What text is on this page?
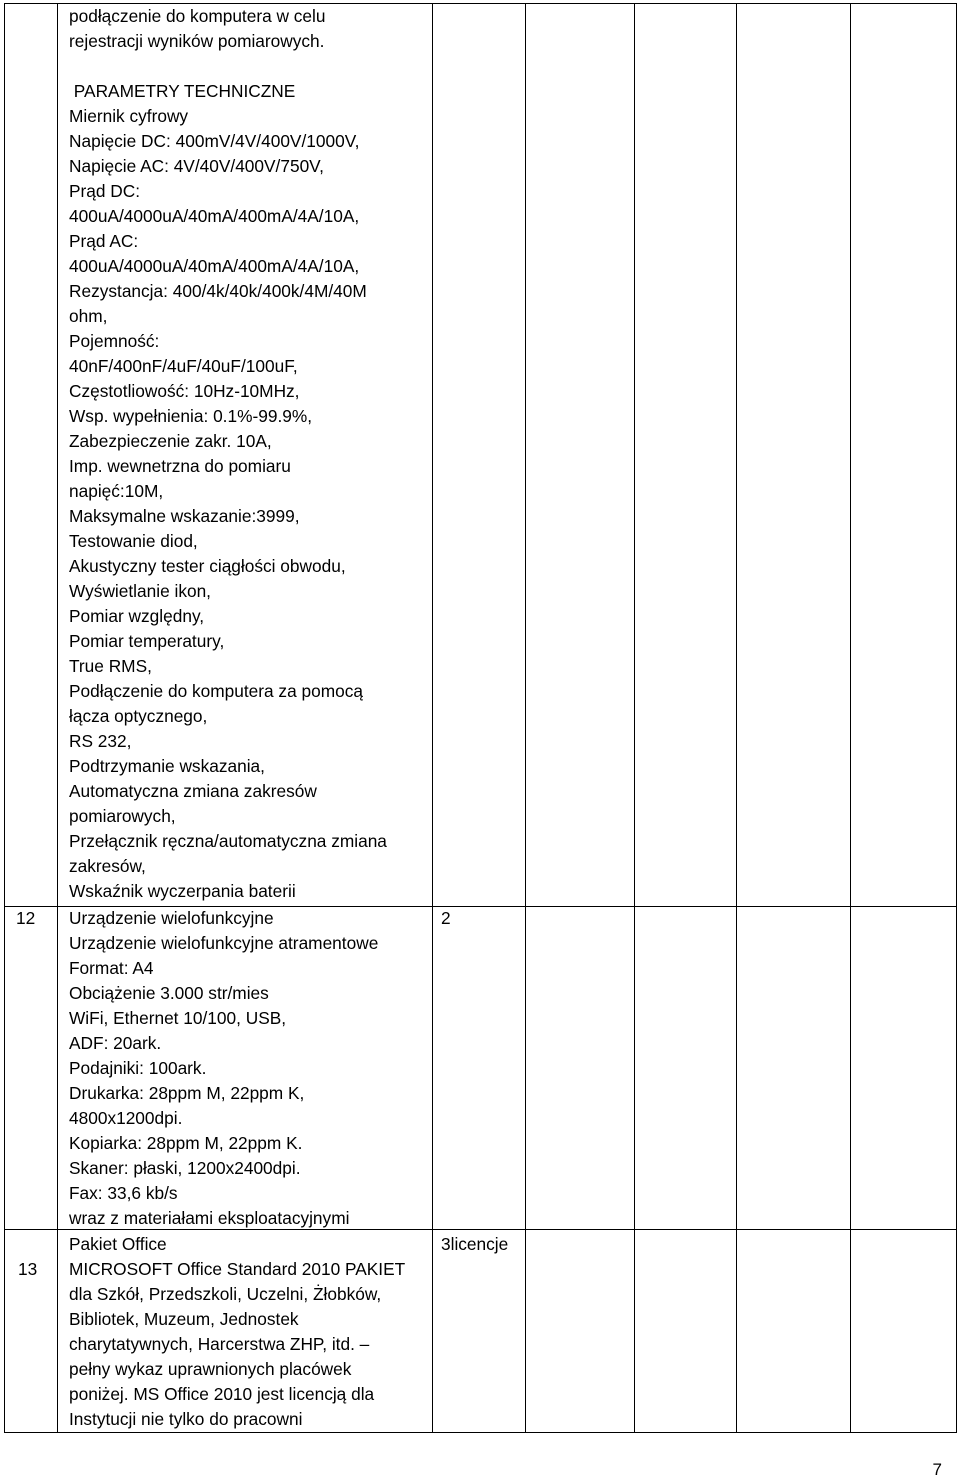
podłączenie do komputera w celu
rejestracji wyników pomiarowych.

PARAMETRY TECHNICZNE
Miernik cyfrowy
Napięcie DC: 400mV/4V/400V/1000V,
Napięcie AC: 4V/40V/400V/750V,
Prąd DC:
400uA/4000uA/40mA/400mA/4A/10A,
Prąd AC:
400uA/4000uA/40mA/400mA/4A/10A,
Rezystancja: 400/4k/40k/400k/4M/40M
ohm,
Pojemność:
40nF/400nF/4uF/40uF/100uF,
Częstotliowość: 10Hz-10MHz,
Wsp. wypełnienia: 0.1%-99.9%,
Zabezpieczenie zakr. 10A,
Imp. wewnetrzna do pomiaru
napięć:10M,
Maksymalne wskazanie:3999,
Testowanie diod,
Akustyczny tester ciągłości obwodu,
Wyświetlanie ikon,
Pomiar względny,
Pomiar temperatury,
True RMS,
Podłączenie do komputera za pomocą
łącza optycznego,
RS 232,
Podtrzymanie wskazania,
Automatyczna zmiana zakresów
pomiarowych,
Przełącznik ręczna/automatyczna zmiana
zakresów,
Wskaźnik wyczerpania baterii
12 Urządzenie wielofunkcyjne
Urządzenie wielofunkcyjne atramentowe
Format: A4
Obciążenie 3.000 str/mies
WiFi, Ethernet 10/100, USB,
ADF: 20ark.
Podajniki: 100ark.
Drukarka: 28ppm M, 22ppm K,
4800x1200dpi.
Kopiarka: 28ppm M, 22ppm K.
Skaner: płaski, 1200x2400dpi.
Fax: 33,6 kb/s
wraz z materiałami eksploatacyjnymi
2
13
Pakiet Office
MICROSOFT Office Standard 2010 PAKIET
dla Szkół, Przedszkoli, Uczelni, Żłobków,
Bibliotek, Muzeum, Jednostek
charytatywnych, Harcerstwa ZHP, itd. –
pełny wykaz uprawnionych placówek
poniżej. MS Office 2010 jest licencją dla
Instytucji nie tylko do pracowni
3licencje
7
